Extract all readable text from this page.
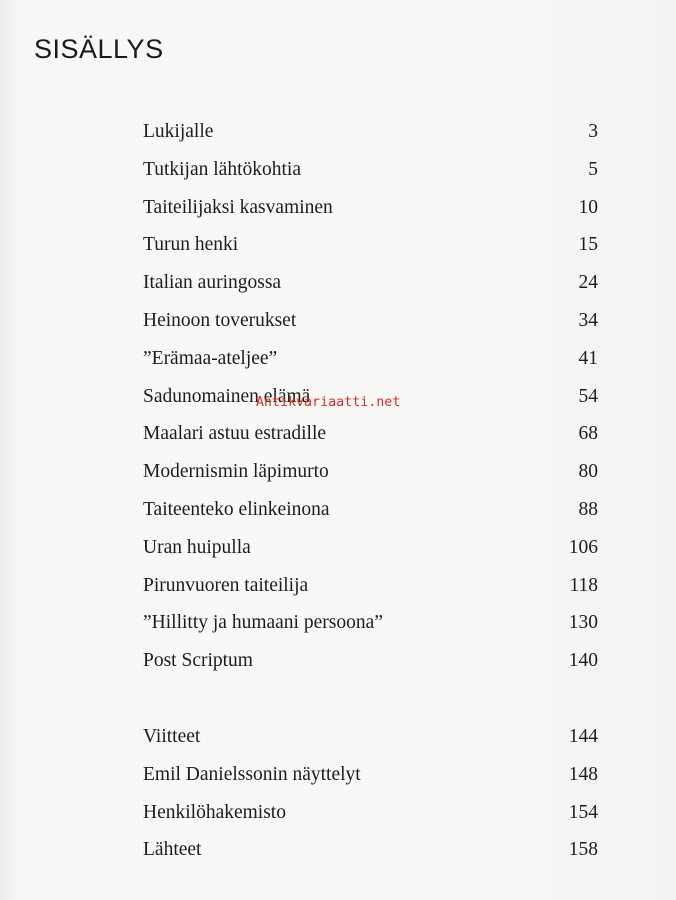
SISÄLLYS
Lukijalle	3
Tutkijan lähtökohtia	5
Taiteilijaksi kasvaminen	10
Turun henki	15
Italian auringossa	24
Heinoon toverukset	34
”Erämaa-ateljee”	41
Sadunomainen elämä	54
Maalari astuu estradille	68
Modernismin läpimurto	80
Taiteenteko elinkeinona	88
Uran huipulla	106
Pirunvuoren taiteilija	118
”Hillitty ja humaani persoona”	130
Post Scriptum	140
Viitteet	144
Emil Danielssonin näyttelyt	148
Henkilöhakemisto	154
Lähteet	158
Antikvariaatti.net
